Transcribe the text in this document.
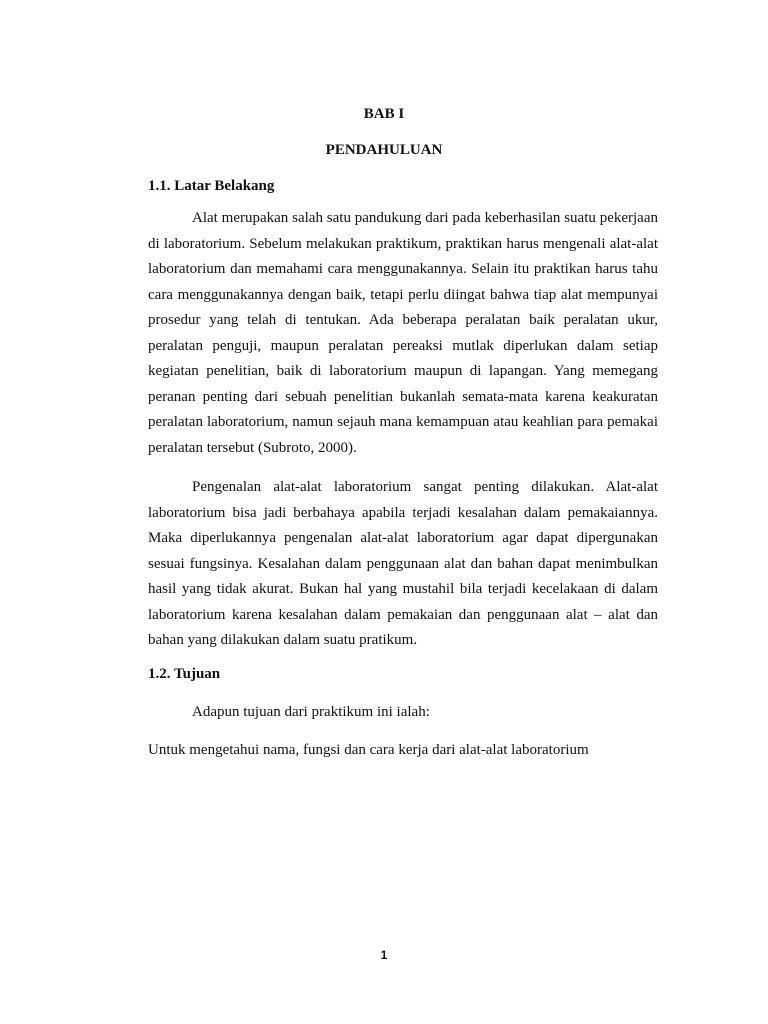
BAB I
PENDAHULUAN
1.1. Latar Belakang

Alat merupakan salah satu pandukung dari pada keberhasilan suatu pekerjaan di laboratorium. Sebelum melakukan praktikum, praktikan harus mengenali alat-alat laboratorium dan memahami cara menggunakannya. Selain itu praktikan harus tahu cara menggunakannya dengan baik, tetapi perlu diingat bahwa tiap alat mempunyai prosedur yang telah di tentukan. Ada beberapa peralatan baik peralatan ukur, peralatan penguji, maupun peralatan pereaksi mutlak diperlukan dalam setiap kegiatan penelitian, baik di laboratorium maupun di lapangan. Yang memegang peranan penting dari sebuah penelitian bukanlah semata-mata karena keakuratan peralatan laboratorium, namun sejauh mana kemampuan atau keahlian para pemakai peralatan tersebut (Subroto, 2000).

Pengenalan alat-alat laboratorium sangat penting dilakukan. Alat-alat laboratorium bisa jadi berbahaya apabila terjadi kesalahan dalam pemakaiannya. Maka diperlukannya pengenalan alat-alat laboratorium agar dapat dipergunakan sesuai fungsinya. Kesalahan dalam penggunaan alat dan bahan dapat menimbulkan hasil yang tidak akurat. Bukan hal yang mustahil bila terjadi kecelakaan di dalam laboratorium karena kesalahan dalam pemakaian dan penggunaan alat – alat dan bahan yang dilakukan dalam suatu pratikum.

1.2. Tujuan
Adapun tujuan dari praktikum ini ialah:
Untuk mengetahui nama, fungsi dan cara kerja dari alat-alat laboratorium
1
